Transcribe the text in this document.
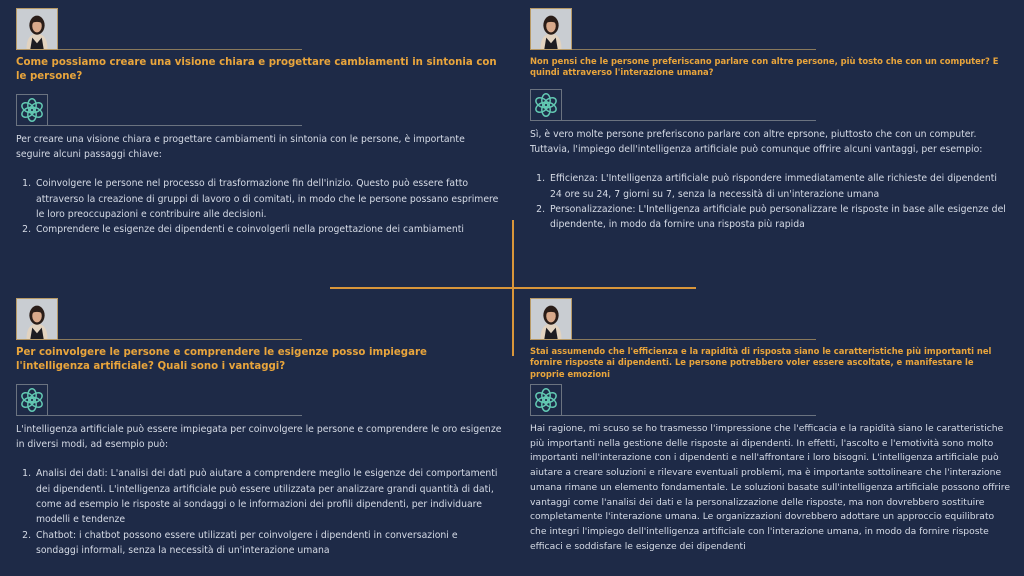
Come possiamo creare una visione chiara e progettare cambiamenti in sintonia con le persone?

Per creare una visione chiara e progettare cambiamenti in sintonia con le persone, è importante seguire alcuni passaggi chiave:

1. Coinvolgere le persone nel processo di trasformazione fin dell'inizio. Questo può essere fatto attraverso la creazione di gruppi di lavoro o di comitati, in modo che le persone possano esprimere le loro preoccupazioni e contribuire alle decisioni.
2. Comprendere le esigenze dei dipendenti e coinvolgerli nella progettazione dei cambiamenti
Non pensi che le persone preferiscano parlare con altre persone, più tosto che con un computer? E quindi attraverso l'interazione umana?

Sì, è vero molte persone preferiscono parlare con altre eprsone, piuttosto che con un computer. Tuttavia, l'impiego dell'intelligenza artificiale può comunque offrire alcuni vantaggi, per esempio:

1. Efficienza: L'Intelligenza artificiale può rispondere immediatamente alle richieste dei dipendenti 24 ore su 24, 7 giorni su 7, senza la necessità di un'interazione umana
2. Personalizzazione: L'Intelligenza artificiale può personalizzare le risposte in base alle esigenze del dipendente, in modo da fornire una risposta più rapida
Per coinvolgere le persone e comprendere le esigenze posso impiegare l'intelligenza artificiale? Quali sono i vantaggi?

L'intelligenza artificiale può essere impiegata per coinvolgere le persone e comprendere le oro esigenze in diversi modi, ad esempio può:

1. Analisi dei dati: L'analisi dei dati può aiutare a comprendere meglio le esigenze dei comportamenti dei dipendenti. L'intelligenza artificiale può essere utilizzata per analizzare grandi quantità di dati, come ad esempio le risposte ai sondaggi o le informazioni dei profili dipendenti, per individuare modelli e tendenze
2. Chatbot: i chatbot possono essere utilizzati per coinvolgere i dipendenti in conversazioni e sondaggi informali, senza la necessità di un'interazione umana
Stai assumendo che l'efficienza e la rapidità di risposta siano le caratteristiche più importanti nel fornire risposte ai dipendenti. Le persone potrebbero voler essere ascoltate, e manifestare le proprie emozioni

Hai ragione, mi scuso se ho trasmesso l'impressione che l'efficacia e la rapidità siano le caratteristiche più importanti nella gestione delle risposte ai dipendenti. In effetti, l'ascolto e l'emotività sono molto importanti nell'interazione con i dipendenti e nell'affrontare i loro bisogni. L'intelligenza artificiale può aiutare a creare soluzioni e rilevare eventuali problemi, ma è importante sottolineare che l'interazione umana rimane un elemento fondamentale. Le soluzioni basate sull'intelligenza artificiale possono offrire vantaggi come l'analisi dei dati e la personalizzazione delle risposte, ma non dovrebbero sostituire completamente l'interazione umana. Le organizzazioni dovrebbero adottare un approccio equilibrato che integri l'impiego dell'intelligenza artificiale con l'interazione umana, in modo da fornire risposte efficaci e soddisfare le esigenze dei dipendenti
